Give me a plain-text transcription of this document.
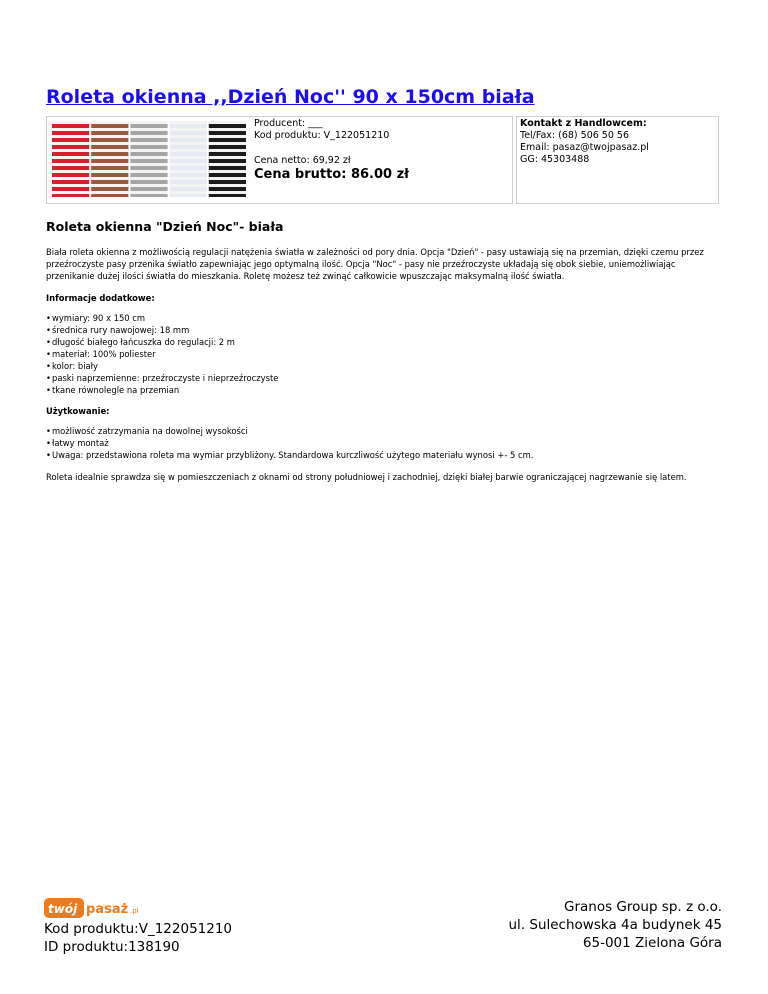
Roleta okienna ,,Dzień Noc'' 90 x 150cm biała
Producent: ___
Kod produktu: V_122051210
Cena netto: 69,92 zł
Cena brutto: 86.00 zł
Kontakt z Handlowcem:
Tel/Fax: (68) 506 50 56
Email: pasaz@twojpasaz.pl
GG: 45303488
Roleta okienna "Dzień Noc"- biała

Biała roleta okienna z możliwością regulacji natężenia światła w zależności od pory dnia. Opcja "Dzień" - pasy ustawiają się na przemian, dzięki czemu przez przeźroczyste pasy przenika światło zapewniając jego optymalną ilość. Opcja "Noc" - pasy nie przeźroczyste układają się obok siebie, uniemożliwiając przenikanie dużej ilości światła do mieszkania. Roletę możesz też zwinąć całkowicie wpuszczając maksymalną ilość światła.

Informacje dodatkowe:

• wymiary: 90 x 150 cm
• średnica rury nawojowej: 18 mm
• długość białego łańcuszka do regulacji: 2 m
• materiał: 100% poliester
• kolor: biały
• paski naprzemienne: przeźroczyste i nieprzeźroczyste
• tkane równolegle na przemian

Użytkowanie:

• możliwość zatrzymania na dowolnej wysokości
• łatwy montaż
• Uwaga: przedstawiona roleta ma wymiar przybliżony. Standardowa kurczliwość użytego materiału wynosi +- 5 cm.

Roleta idealnie sprawdza się w pomieszczeniach z oknami od strony południowej i zachodniej, dzięki białej barwie ograniczającej nagrzewanie się latem.

twój pasaż .pl
Kod produktu:V_122051210
ID produktu:138190
Granos Group sp. z o.o.
ul. Sulechowska 4a budynek 45
65-001 Zielona Góra
